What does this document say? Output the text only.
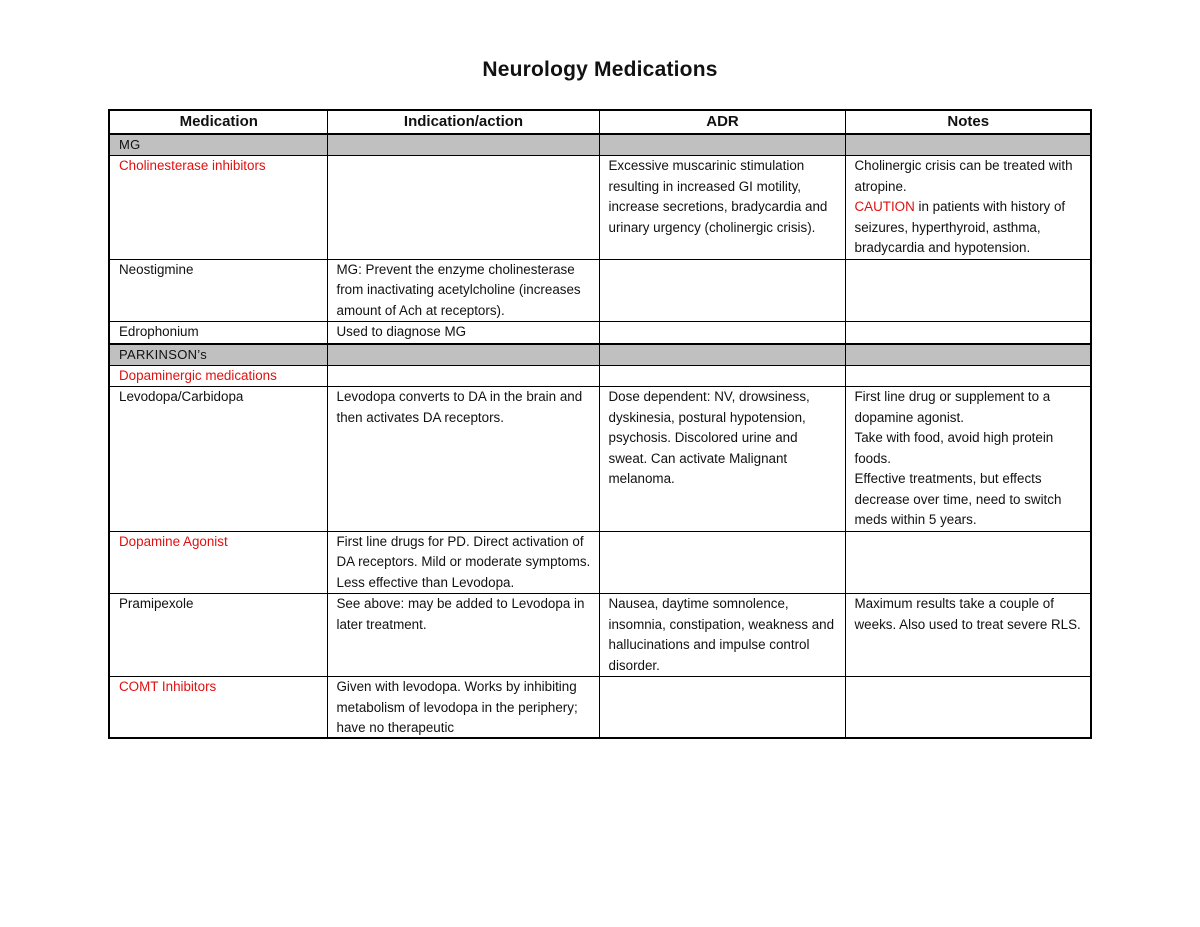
Neurology Medications
Medication	Indication/action	ADR	Notes
MG			
Cholinesterase inhibitors		Excessive muscarinic stimulation resulting in increased GI motility, increase secretions, bradycardia and urinary urgency (cholinergic crisis).	Cholinergic crisis can be treated with atropine.
CAUTION in patients with history of seizures, hyperthyroid, asthma, bradycardia and hypotension.
Neostigmine	MG: Prevent the enzyme cholinesterase from inactivating acetylcholine (increases amount of Ach at receptors).		
Edrophonium	Used to diagnose MG		
PARKINSON’s			
Dopaminergic medications			
Levodopa/Carbidopa	Levodopa converts to DA in the brain and then activates DA receptors.	Dose dependent: NV, drowsiness, dyskinesia, postural hypotension, psychosis. Discolored urine and sweat. Can activate Malignant melanoma.	First line drug or supplement to a dopamine agonist.
Take with food, avoid high protein foods.
Effective treatments, but effects decrease over time, need to switch meds within 5 years.
Dopamine Agonist	First line drugs for PD. Direct activation of DA receptors. Mild or moderate symptoms. Less effective than Levodopa.		
Pramipexole	See above: may be added to Levodopa in later treatment.	Nausea, daytime somnolence, insomnia, constipation, weakness and hallucinations and impulse control disorder.	Maximum results take a couple of weeks. Also used to treat severe RLS.
COMT Inhibitors	Given with levodopa. Works by inhibiting metabolism of levodopa in the periphery; have no therapeutic		
